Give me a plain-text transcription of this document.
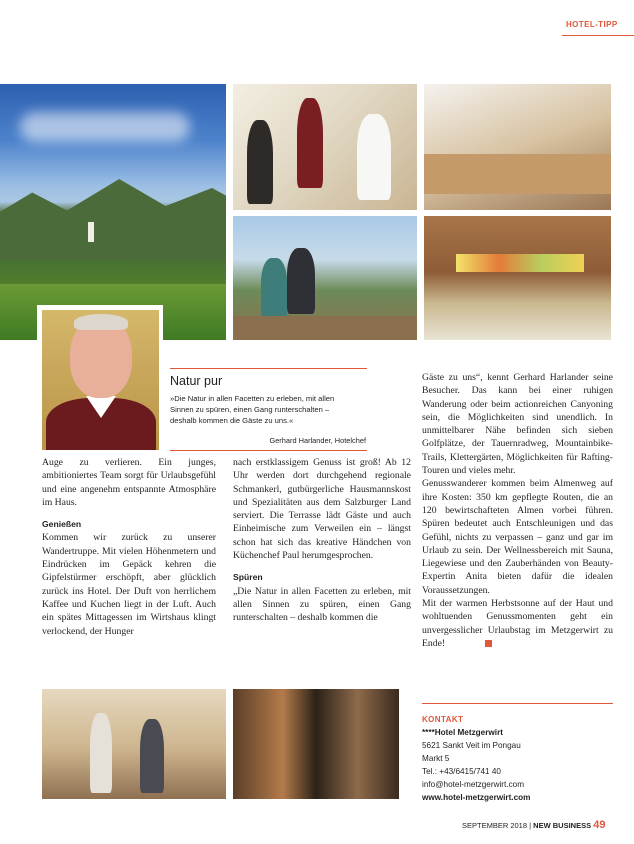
HOTEL-TIPP
Natur pur
»Die Natur in allen Facetten zu erleben, mit allen
Sinnen zu spüren, einen Gang runterschalten –
deshalb kommen die Gäste zu uns.«
Gerhard Harlander, Hotelchef

Auge zu verlieren. Ein junges, ambitioniertes Team sorgt für Urlaubsgefühl und eine angenehm entspannte Atmosphäre im Haus.

Genießen

Kommen wir zurück zu unserer Wandertruppe. Mit vielen Höhenmetern und Eindrücken im Gepäck kehren die Gipfelstürmer erschöpft, aber glücklich zurück ins Hotel. Der Duft von herrlichem Kaffee und Kuchen liegt in der Luft. Auch ein spätes Mittagessen im Wirtshaus klingt verlockend, der Hunger

nach erstklassigem Genuss ist groß! Ab 12 Uhr werden dort durchgehend regionale Schmankerl, gutbürgerliche Hausmannskost und Spezialitäten aus dem Salzburger Land serviert. Die Terrasse lädt Gäste und auch Einheimische zum Verweilen ein – längst schon hat sich das kreative Händchen von Küchenchef Paul herumgesprochen.

Spüren

„Die Natur in allen Facetten zu erleben, mit allen Sinnen zu spüren, einen Gang runterschalten – deshalb kommen die

Gäste zu uns“, kennt Gerhard Harlander seine Besucher. Das kann bei einer ruhigen Wanderung oder beim actionreichen Canyoning sein, die Möglichkeiten sind unendlich. In unmittelbarer Nähe befinden sich sieben Golfplätze, der Tauernradweg, Mountainbike-Trails, Klettergärten, Möglichkeiten für Rafting-Touren und vieles mehr.

Genusswanderer kommen beim Almenweg auf ihre Kosten: 350 km gepflegte Routen, die an 120 bewirtschafteten Almen vorbei führen. Spüren bedeutet auch Entschleunigen und das Gefühl, nichts zu verpassen – ganz und gar im Urlaub zu sein. Der Wellnessbereich mit Sauna, Liegewiese und den Zauberhänden von Beauty-Expertin Anita bieten dafür die idealen Voraussetzungen.

Mit der warmen Herbstsonne auf der Haut und wohltuenden Genussmomenten geht ein unvergesslicher Urlaubstag im Metzgerwirt zu Ende!

KONTAKT
****Hotel Metzgerwirt
5621 Sankt Veit im Pongau
Markt 5
Tel.: +43/6415/741 40
info@hotel-metzgerwirt.com
www.hotel-metzgerwirt.com
SEPTEMBER 2018 | NEW BUSINESS 49
